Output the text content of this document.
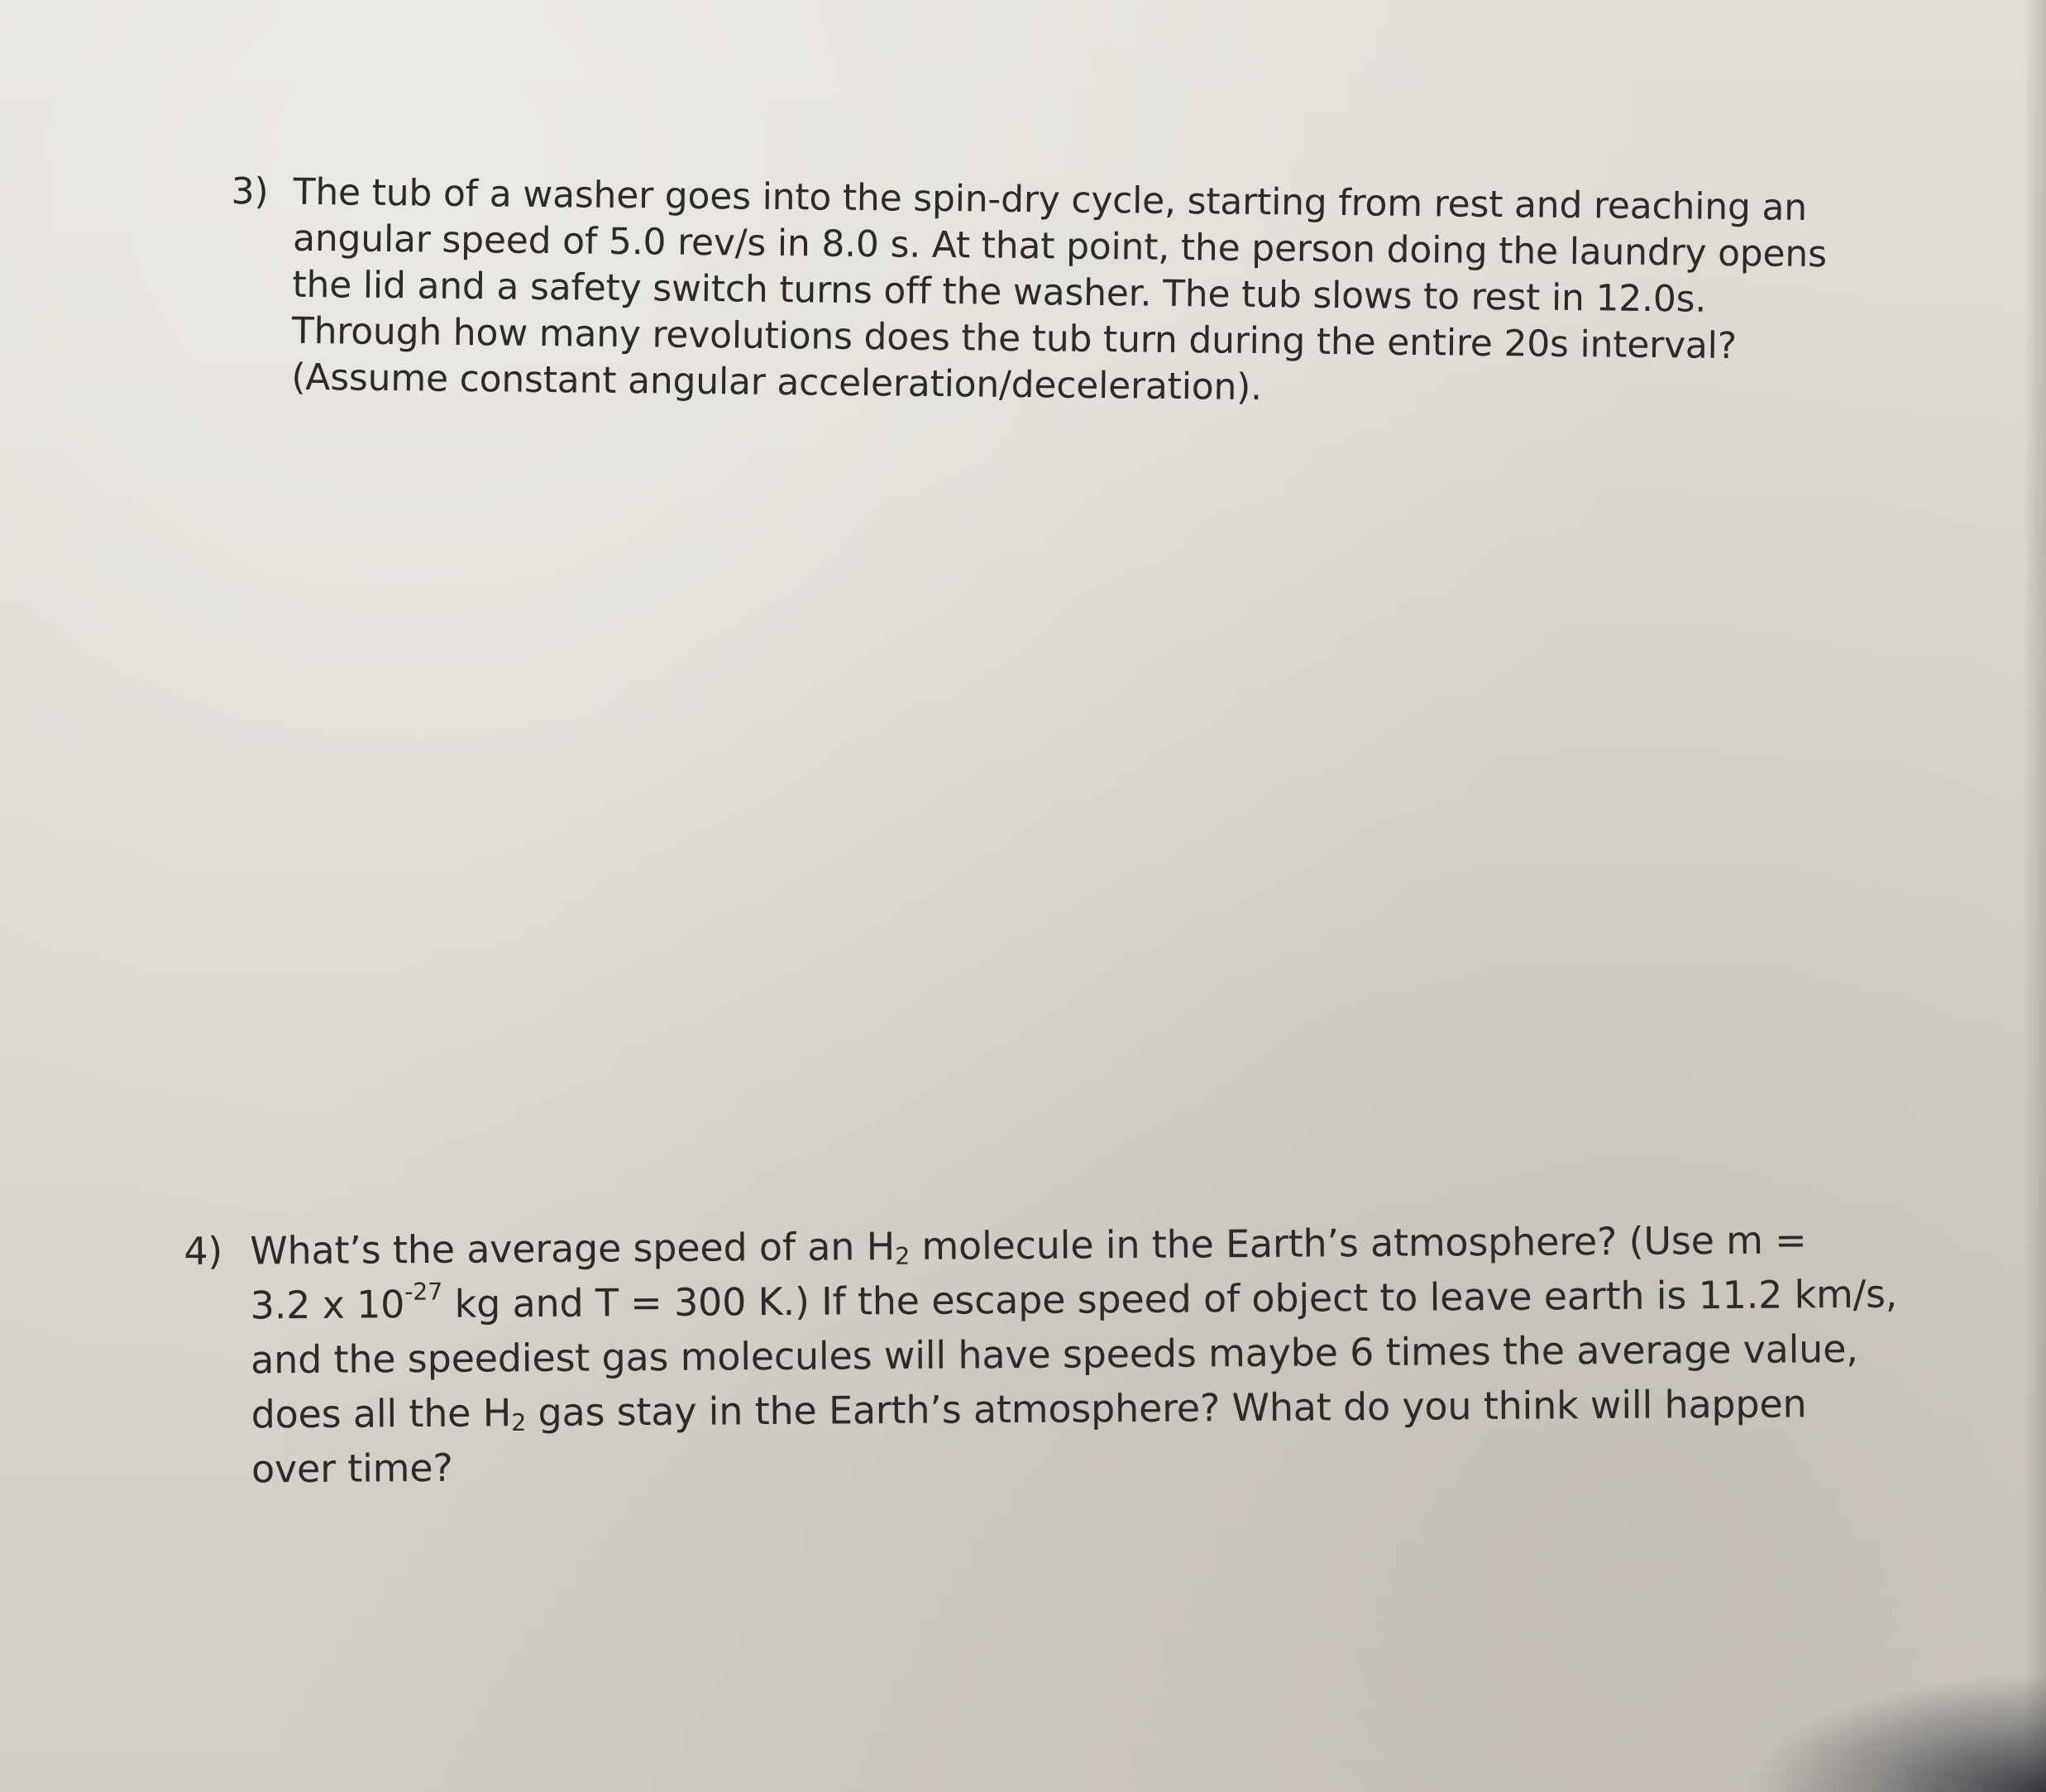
3) The tub of a washer goes into the spin-dry cycle, starting from rest and reaching an
angular speed of 5.0 rev/s in 8.0 s. At that point, the person doing the laundry opens
the lid and a safety switch turns off the washer. The tub slows to rest in 12.0s.
Through how many revolutions does the tub turn during the entire 20s interval?
(Assume constant angular acceleration/deceleration).
4) What’s the average speed of an $H_2$ molecule in the Earth’s atmosphere? (Use m =
3.2 x $10^{-27}$ kg and T = 300 K.) If the escape speed of object to leave earth is 11.2 km/s,
and the speediest gas molecules will have speeds maybe 6 times the average value,
does all the $H_2$ gas stay in the Earth’s atmosphere? What do you think will happen
over time?
